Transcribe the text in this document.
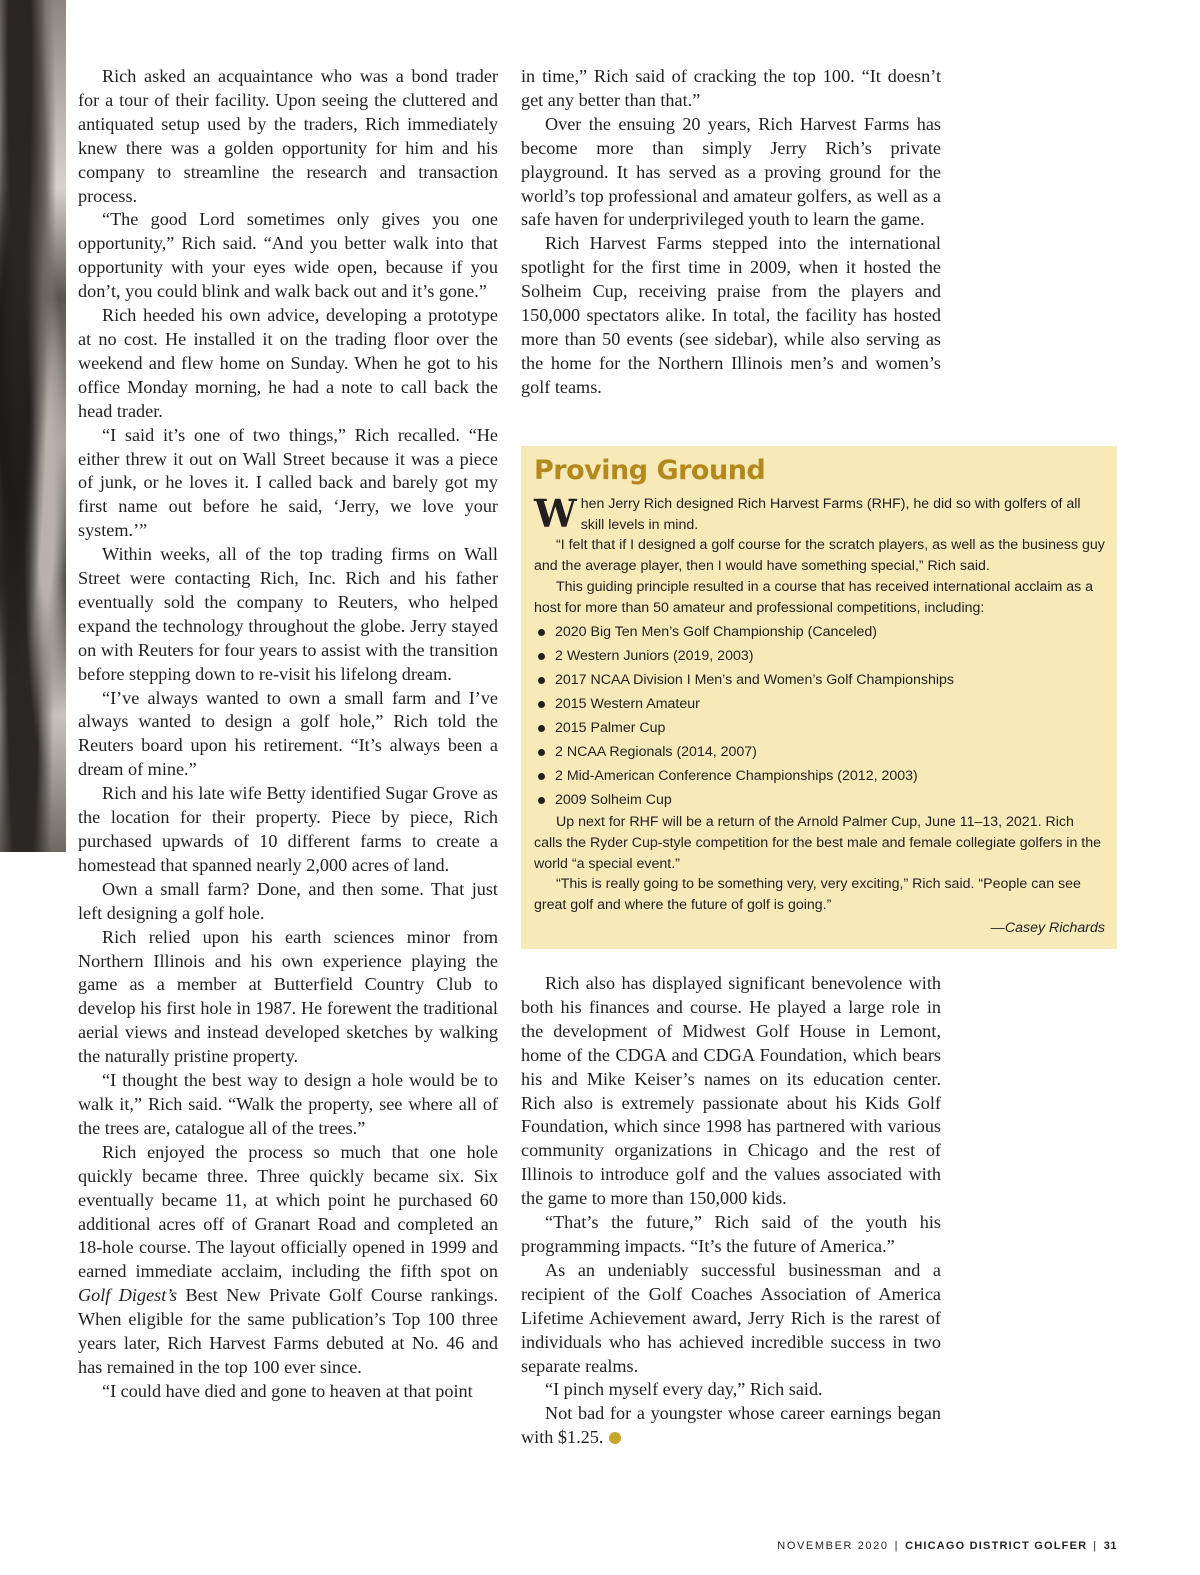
Rich asked an acquaintance who was a bond trader for a tour of their facility. Upon seeing the cluttered and antiquated setup used by the traders, Rich immediately knew there was a golden opportunity for him and his company to streamline the research and transaction process.

“The good Lord sometimes only gives you one opportunity,” Rich said. “And you better walk into that opportunity with your eyes wide open, because if you don’t, you could blink and walk back out and it’s gone.”

Rich heeded his own advice, developing a prototype at no cost. He installed it on the trading floor over the weekend and flew home on Sunday. When he got to his office Monday morning, he had a note to call back the head trader.

“I said it’s one of two things,” Rich recalled. “He either threw it out on Wall Street because it was a piece of junk, or he loves it. I called back and barely got my first name out before he said, ‘Jerry, we love your system.’”

Within weeks, all of the top trading firms on Wall Street were contacting Rich, Inc. Rich and his father eventually sold the company to Reuters, who helped expand the technology throughout the globe. Jerry stayed on with Reuters for four years to assist with the transition before stepping down to re-visit his lifelong dream.

“I’ve always wanted to own a small farm and I’ve always wanted to design a golf hole,” Rich told the Reuters board upon his retirement. “It’s always been a dream of mine.”

Rich and his late wife Betty identified Sugar Grove as the location for their property. Piece by piece, Rich purchased upwards of 10 different farms to create a homestead that spanned nearly 2,000 acres of land.

Own a small farm? Done, and then some. That just left designing a golf hole.

Rich relied upon his earth sciences minor from Northern Illinois and his own experience playing the game as a member at Butterfield Country Club to develop his first hole in 1987. He forewent the traditional aerial views and instead developed sketches by walking the naturally pristine property.

“I thought the best way to design a hole would be to walk it,” Rich said. “Walk the property, see where all of the trees are, catalogue all of the trees.”

Rich enjoyed the process so much that one hole quickly became three. Three quickly became six. Six eventually became 11, at which point he purchased 60 additional acres off of Granart Road and completed an 18-hole course. The layout officially opened in 1999 and earned immediate acclaim, including the fifth spot on Golf Digest’s Best New Private Golf Course rankings. When eligible for the same publication’s Top 100 three years later, Rich Harvest Farms debuted at No. 46 and has remained in the top 100 ever since.

“I could have died and gone to heaven at that point

in time,” Rich said of cracking the top 100. “It doesn’t get any better than that.”

Over the ensuing 20 years, Rich Harvest Farms has become more than simply Jerry Rich’s private playground. It has served as a proving ground for the world’s top professional and amateur golfers, as well as a safe haven for underprivileged youth to learn the game.

Rich Harvest Farms stepped into the international spotlight for the first time in 2009, when it hosted the Solheim Cup, receiving praise from the players and 150,000 spectators alike. In total, the facility has hosted more than 50 events (see sidebar), while also serving as the home for the Northern Illinois men’s and women’s golf teams.

Proving Ground

When Jerry Rich designed Rich Harvest Farms (RHF), he did so with golfers of all skill levels in mind.

“I felt that if I designed a golf course for the scratch players, as well as the business guy and the average player, then I would have something special,” Rich said.

This guiding principle resulted in a course that has received international acclaim as a host for more than 50 amateur and professional competitions, including:

2020 Big Ten Men’s Golf Championship (Canceled)
2 Western Juniors (2019, 2003)
2017 NCAA Division I Men’s and Women’s Golf Championships
2015 Western Amateur
2015 Palmer Cup
2 NCAA Regionals (2014, 2007)
2 Mid-American Conference Championships (2012, 2003)
2009 Solheim Cup

Up next for RHF will be a return of the Arnold Palmer Cup, June 11–13, 2021. Rich calls the Ryder Cup-style competition for the best male and female collegiate golfers in the world “a special event.”

“This is really going to be something very, very exciting,” Rich said. “People can see great golf and where the future of golf is going.”

—Casey Richards

Rich also has displayed significant benevolence with both his finances and course. He played a large role in the development of Midwest Golf House in Lemont, home of the CDGA and CDGA Foundation, which bears his and Mike Keiser’s names on its education center. Rich also is extremely passionate about his Kids Golf Foundation, which since 1998 has partnered with various community organizations in Chicago and the rest of Illinois to introduce golf and the values associated with the game to more than 150,000 kids.

“That’s the future,” Rich said of the youth his programming impacts. “It’s the future of America.”

As an undeniably successful businessman and a recipient of the Golf Coaches Association of America Lifetime Achievement award, Jerry Rich is the rarest of individuals who has achieved incredible success in two separate realms.

“I pinch myself every day,” Rich said.

Not bad for a youngster whose career earnings began with $1.25.

NOVEMBER 2020 | CHICAGO DISTRICT GOLFER | 31
